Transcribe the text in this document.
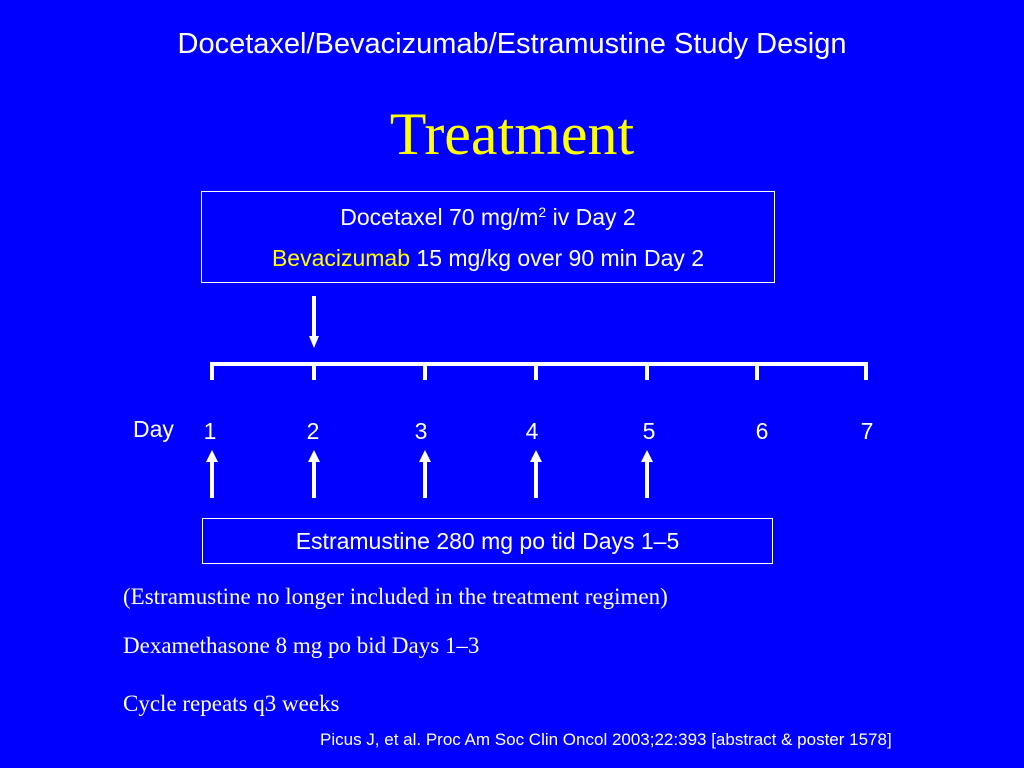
Docetaxel/Bevacizumab/Estramustine Study Design
Treatment
Docetaxel 70 $mg/m^2$ iv Day 2
Bevacizumab 15 mg/kg over 90 min Day 2
Day	1	2	3	4	5	6	7
Estramustine 280 mg po tid Days 1–5
(Estramustine no longer included in the treatment regimen)
Dexamethasone 8 mg po bid Days 1–3
Cycle repeats q3 weeks
Picus J, et al. Proc Am Soc Clin Oncol 2003;22:393 [abstract & poster 1578]
